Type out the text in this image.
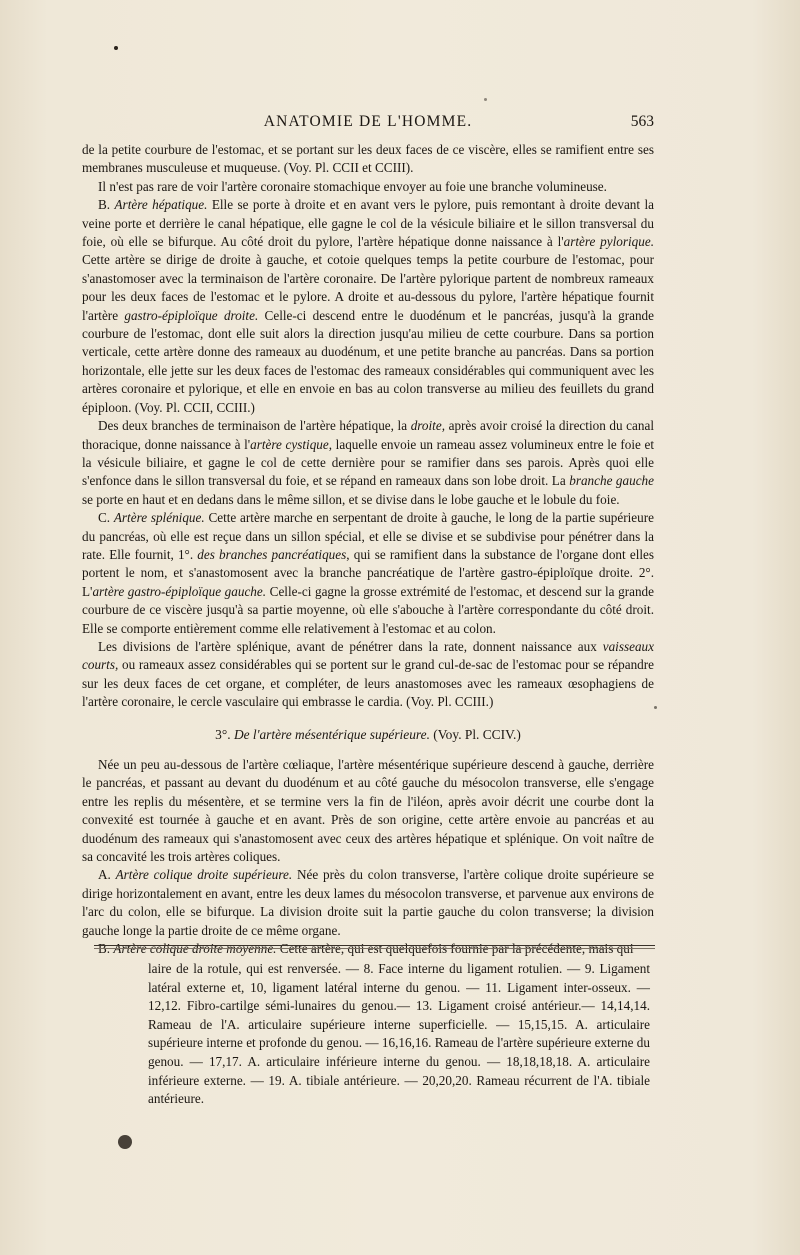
ANATOMIE DE L'HOMME.	563

de la petite courbure de l'estomac, et se portant sur les deux faces de ce viscère, elles se ramifient entre ses membranes musculeuse et muqueuse. (Voy. Pl. CCII et CCIII).

Il n'est pas rare de voir l'artère coronaire stomachique envoyer au foie une branche volumineuse.

B. Artère hépatique. Elle se porte à droite et en avant vers le pylore, puis remontant à droite devant la veine porte et derrière le canal hépatique, elle gagne le col de la vésicule biliaire et le sillon transversal du foie, où elle se bifurque. Au côté droit du pylore, l'artère hépatique donne naissance à l'artère pylorique. Cette artère se dirige de droite à gauche, et cotoie quelques temps la petite courbure de l'estomac, pour s'anastomoser avec la terminaison de l'artère coronaire. De l'artère pylorique partent de nombreux rameaux pour les deux faces de l'estomac et le pylore. A droite et au-dessous du pylore, l'artère hépatique fournit l'artère gastro-épiploïque droite. Celle-ci descend entre le duodénum et le pancréas, jusqu'à la grande courbure de l'estomac, dont elle suit alors la direction jusqu'au milieu de cette courbure. Dans sa portion verticale, cette artère donne des rameaux au duodénum, et une petite branche au pancréas. Dans sa portion horizontale, elle jette sur les deux faces de l'estomac des rameaux considérables qui communiquent avec les artères coronaire et pylorique, et elle en envoie en bas au colon transverse au milieu des feuillets du grand épiploon. (Voy. Pl. CCII, CCIII.)

Des deux branches de terminaison de l'artère hépatique, la droite, après avoir croisé la direction du canal thoracique, donne naissance à l'artère cystique, laquelle envoie un rameau assez volumineux entre le foie et la vésicule biliaire, et gagne le col de cette dernière pour se ramifier dans ses parois. Après quoi elle s'enfonce dans le sillon transversal du foie, et se répand en rameaux dans son lobe droit. La branche gauche se porte en haut et en dedans dans le même sillon, et se divise dans le lobe gauche et le lobule du foie.

C. Artère splénique. Cette artère marche en serpentant de droite à gauche, le long de la partie supérieure du pancréas, où elle est reçue dans un sillon spécial, et elle se divise et se subdivise pour pénétrer dans la rate. Elle fournit, 1°. des branches pancréatiques, qui se ramifient dans la substance de l'organe dont elles portent le nom, et s'anastomosent avec la branche pancréatique de l'artère gastro-épiploïque droite. 2°. L'artère gastro-épiploïque gauche. Celle-ci gagne la grosse extrémité de l'estomac, et descend sur la grande courbure de ce viscère jusqu'à sa partie moyenne, où elle s'abouche à l'artère correspondante du côté droit. Elle se comporte entièrement comme elle relativement à l'estomac et au colon.

Les divisions de l'artère splénique, avant de pénétrer dans la rate, donnent naissance aux vaisseaux courts, ou rameaux assez considérables qui se portent sur le grand cul-de-sac de l'estomac pour se répandre sur les deux faces de cet organe, et compléter, de leurs anastomoses avec les rameaux œsophagiens de l'artère coronaire, le cercle vasculaire qui embrasse le cardia. (Voy. Pl. CCIII.)

3°. De l'artère mésentérique supérieure. (Voy. Pl. CCIV.)

Née un peu au-dessous de l'artère cœliaque, l'artère mésentérique supérieure descend à gauche, derrière le pancréas, et passant au devant du duodénum et au côté gauche du mésocolon transverse, elle s'engage entre les replis du mésentère, et se termine vers la fin de l'iléon, après avoir décrit une courbe dont la convexité est tournée à gauche et en avant. Près de son origine, cette artère envoie au pancréas et au duodénum des rameaux qui s'anastomosent avec ceux des artères hépatique et splénique. On voit naître de sa concavité les trois artères coliques.

A. Artère colique droite supérieure. Née près du colon transverse, l'artère colique droite supérieure se dirige horizontalement en avant, entre les deux lames du mésocolon transverse, et parvenue aux environs de l'arc du colon, elle se bifurque. La division droite suit la partie gauche du colon transverse; la division gauche longe la partie droite de ce même organe.

B. Artère colique droite moyenne. Cette artère, qui est quelquefois fournie par la précédente, mais qui

laire de la rotule, qui est renversée. — 8. Face interne du ligament rotulien. — 9. Ligament latéral externe et, 10, ligament latéral interne du genou. — 11. Ligament inter-osseux. — 12,12. Fibro-cartilge sémi-lunaires du genou.— 13. Ligament croisé antérieur.— 14,14,14. Rameau de l'A. articulaire supérieure interne superficielle. — 15,15,15. A. articulaire supérieure interne et profonde du genou. — 16,16,16. Rameau de l'artère supérieure externe du genou. — 17,17. A. articulaire inférieure interne du genou. — 18,18,18,18. A. articulaire inférieure externe. — 19. A. tibiale antérieure. — 20,20,20. Rameau récurrent de l'A. tibiale antérieure.
